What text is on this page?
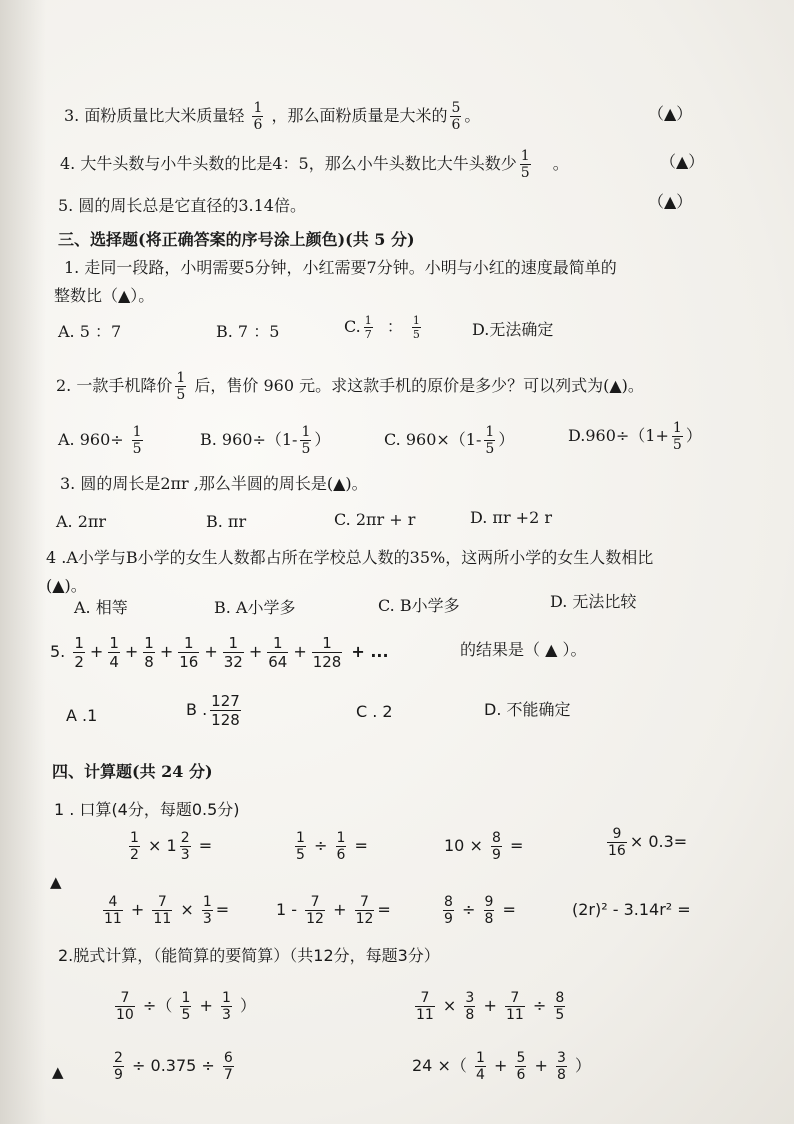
3. 面粉质量比大米质量轻 $\frac{1}{6}$ ，那么面粉质量是大米的 $\frac{5}{6}$ 。	（▲）
4. 大牛头数与小牛头数的比是4：5，那么小牛头数比大牛头数少 $\frac{1}{5}$ 。	（▲）
5. 圆的周长总是它直径的3.14倍。	（▲）
三、选择题(将正确答案的序号涂上颜色)(共 5 分)
1. 走同一段路，小明需要5分钟，小红需要7分钟。小明与小红的速度最简单的
整数比（▲）。
A. 5 ：7	B. 7 ：5	C. $\frac{1}{7}$ ： $\frac{1}{5}$	D.无法确定
2. 一款手机降价 $\frac{1}{5}$ 后，售价 960 元。求这款手机的原价是多少？可以列式为(▲)。
A. $960\div \frac{1}{5}$	B. $960\div(1- \frac{1}{5}$ ）	C. $960\times(1- \frac{1}{5}$ ）	$D.960\div(1+ \frac{1}{5}$ ）
3. 圆的周长是2πr ,那么半圆的周长是(▲)。
A. 2πr	B. πr	C. 2πr + r	D. πr +2 r
4 .A小学与B小学的女生人数都占所在学校总人数的35%，这两所小学的女生人数相比
(▲)。
A. 相等	B. A小学多	C. B小学多	D. 无法比较
5. $\frac{1}{2} + \frac{1}{4} + \frac{1}{8} + \frac{1}{16} + \frac{1}{32} + \frac{1}{64} + \frac{1}{128}$ + ...	的结果是（ ▲ ）。
A .1	B . $\frac{127}{128}$	C . 2	D. 不能确定
四、计算题(共 24 分)
1 . 口算(4分，每题0.5分)
$\frac{1}{2} \times 1 \frac{2}{3}$ =	$\frac{1}{5} \div \frac{1}{6}$ =	$10 \times \frac{8}{9}$ =	$\frac{9}{16} \times 0.3=$
▲
$\frac{4}{11} + \frac{7}{11} \times \frac{1}{3}$ =	$1 - \frac{7}{12} + \frac{7}{12}$ =	$\frac{8}{9} \div \frac{9}{8}$ =	(2r)² - 3.14r² =
2.脱式计算，（能简算的要简算）（共12分，每题3分）
$\frac{7}{10}$ ÷（ $\frac{1}{5} + \frac{1}{3}$ ）	$\frac{7}{11} \times \frac{3}{8} + \frac{7}{11} \div \frac{8}{5}$
▲	$\frac{2}{9} \div 0.375 \div \frac{6}{7}$	24 ×（ $\frac{1}{4} + \frac{5}{6} + \frac{3}{8}$ ）
